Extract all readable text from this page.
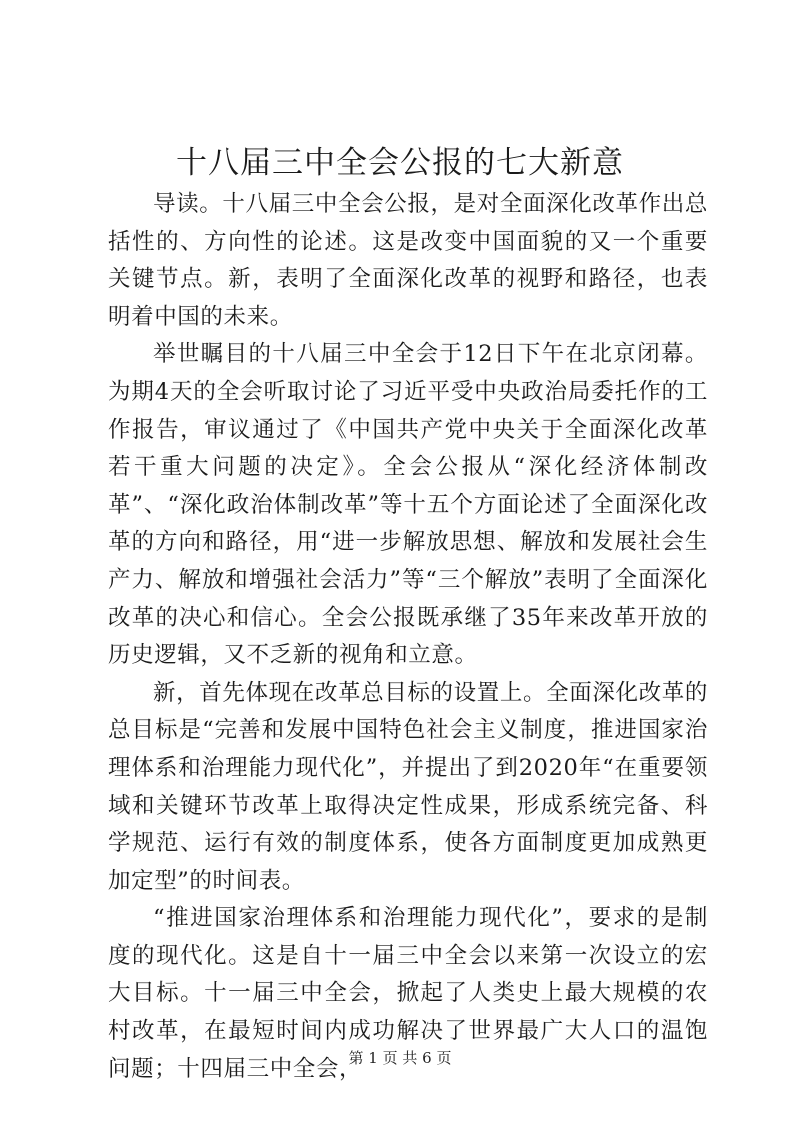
十八届三中全会公报的七大新意

导读。十八届三中全会公报，是对全面深化改革作出总括性的、方向性的论述。这是改变中国面貌的又一个重要关键节点。新，表明了全面深化改革的视野和路径，也表明着中国的未来。

举世瞩目的十八届三中全会于12日下午在北京闭幕。为期4天的全会听取讨论了习近平受中央政治局委托作的工作报告，审议通过了《中国共产党中央关于全面深化改革若干重大问题的决定》。全会公报从“深化经济体制改革”、“深化政治体制改革”等十五个方面论述了全面深化改革的方向和路径，用“进一步解放思想、解放和发展社会生产力、解放和增强社会活力”等“三个解放”表明了全面深化改革的决心和信心。全会公报既承继了35年来改革开放的历史逻辑，又不乏新的视角和立意。

新，首先体现在改革总目标的设置上。全面深化改革的总目标是“完善和发展中国特色社会主义制度，推进国家治理体系和治理能力现代化”，并提出了到2020年“在重要领域和关键环节改革上取得决定性成果，形成系统完备、科学规范、运行有效的制度体系，使各方面制度更加成熟更加定型”的时间表。

“推进国家治理体系和治理能力现代化”，要求的是制度的现代化。这是自十一届三中全会以来第一次设立的宏大目标。十一届三中全会，掀起了人类史上最大规模的农村改革，在最短时间内成功解决了世界最广大人口的温饱问题；十四届三中全会，

第 1 页 共 6 页
